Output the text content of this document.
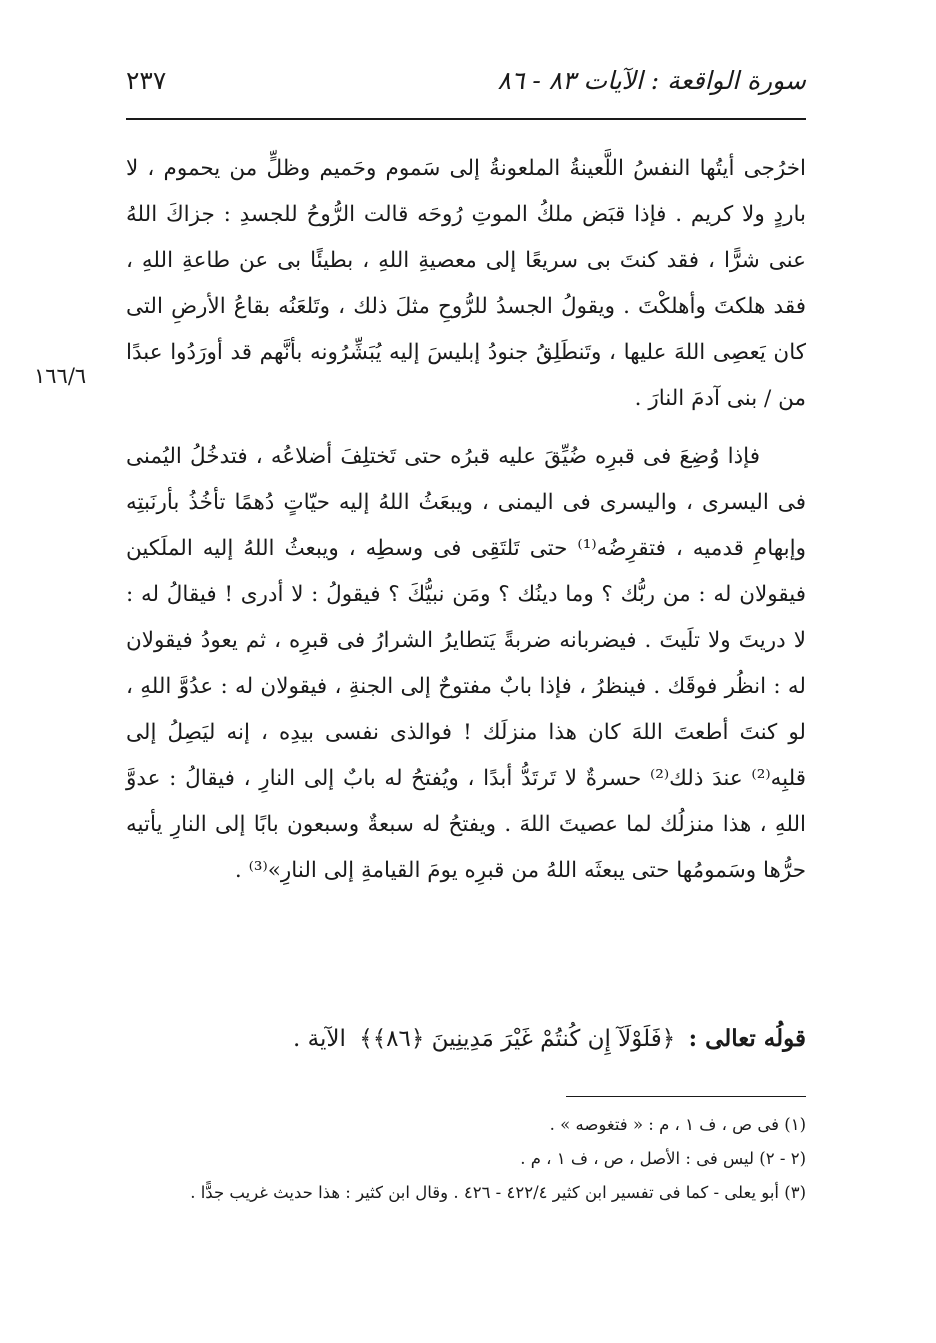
سورة الواقعة : الآيات ٨٣ - ٨٦
٢٣٧

اخرُجى أيتُها النفسُ اللَّعينةُ الملعونةُ إلى سَموم وحَميم وظلٍّ من يحموم ، لا باردٍ ولا كريم . فإذا قبَض ملكُ الموتِ رُوحَه قالت الرُّوحُ للجسدِ : جزاكَ اللهُ عنى شرًّا ، فقد كنتَ بى سريعًا إلى معصيةِ اللهِ ، بطيئًا بى عن طاعةِ اللهِ ، فقد هلكتَ وأهلكْتَ . ويقولُ الجسدُ للرُّوحِ مثلَ ذلك ، وتَلعَنُه بقاعُ الأرضِ التى كان يَعصِى اللهَ عليها ، وتَنطَلِقُ جنودُ إبليسَ إليه يُبَشِّرُونه بأنَّهم قد أورَدُوا عبدًا من / بنى آدمَ النارَ .

فإذا وُضِعَ فى قبرِه ضُيِّقَ عليه قبرُه حتى تَختلِفَ أضلاعُه ، فتدخُلُ اليُمنى فى اليسرى ، واليسرى فى اليمنى ، ويبعَثُ اللهُ إليه حيّاتٍ دُهمًا تأخُذُ بأرنَبتِه وإبهامِ قدميه ، فتقرِضُه⁽¹⁾ حتى تَلتَقِى فى وسطِه ، ويبعثُ اللهُ إليه الملَكين فيقولان له : من ربُّك ؟ وما دينُك ؟ ومَن نبيُّكَ ؟ فيقولُ : لا أدرى ! فيقالُ له : لا دريتَ ولا تلَيتَ . فيضربانه ضربةً يَتطايرُ الشرارُ فى قبرِه ، ثم يعودُ فيقولان له : انظُر فوقَك . فينظرُ ، فإذا بابٌ مفتوحٌ إلى الجنةِ ، فيقولان له : عدُوَّ اللهِ ، لو كنتَ أطعتَ اللهَ كان هذا منزلَك ! فوالذى نفسى بيدِه ، إنه ليَصِلُ إلى قلبِه⁽²⁾ عندَ ذلك⁽²⁾ حسرةٌ لا تَرتَدُّ أبدًا ، ويُفتحُ له بابٌ إلى النارِ ، فيقالُ : عدوَّ اللهِ ، هذا منزلُك لما عصيتَ اللهَ . ويفتحُ له سبعةٌ وسبعون بابًا إلى النارِ يأتيه حرُّها وسَمومُها حتى يبعثَه اللهُ من قبرِه يومَ القيامةِ إلى النارِ»⁽³⁾ .

١٦٦/٦
قولُه تعالى : ﴿فَلَوْلَآ إِن كُنتُمْ غَيْرَ مَدِينِينَ ﴿٨٦﴾﴾ الآية .

(١) فى ص ، ف ١ ، م : « فتغوصه » .

(٢ - ٢) ليس فى : الأصل ، ص ، ف ١ ، م .

(٣) أبو يعلى - كما فى تفسير ابن كثير ٤٢٢/٤ - ٤٢٦ . وقال ابن كثير : هذا حديث غريب جدًّا .
